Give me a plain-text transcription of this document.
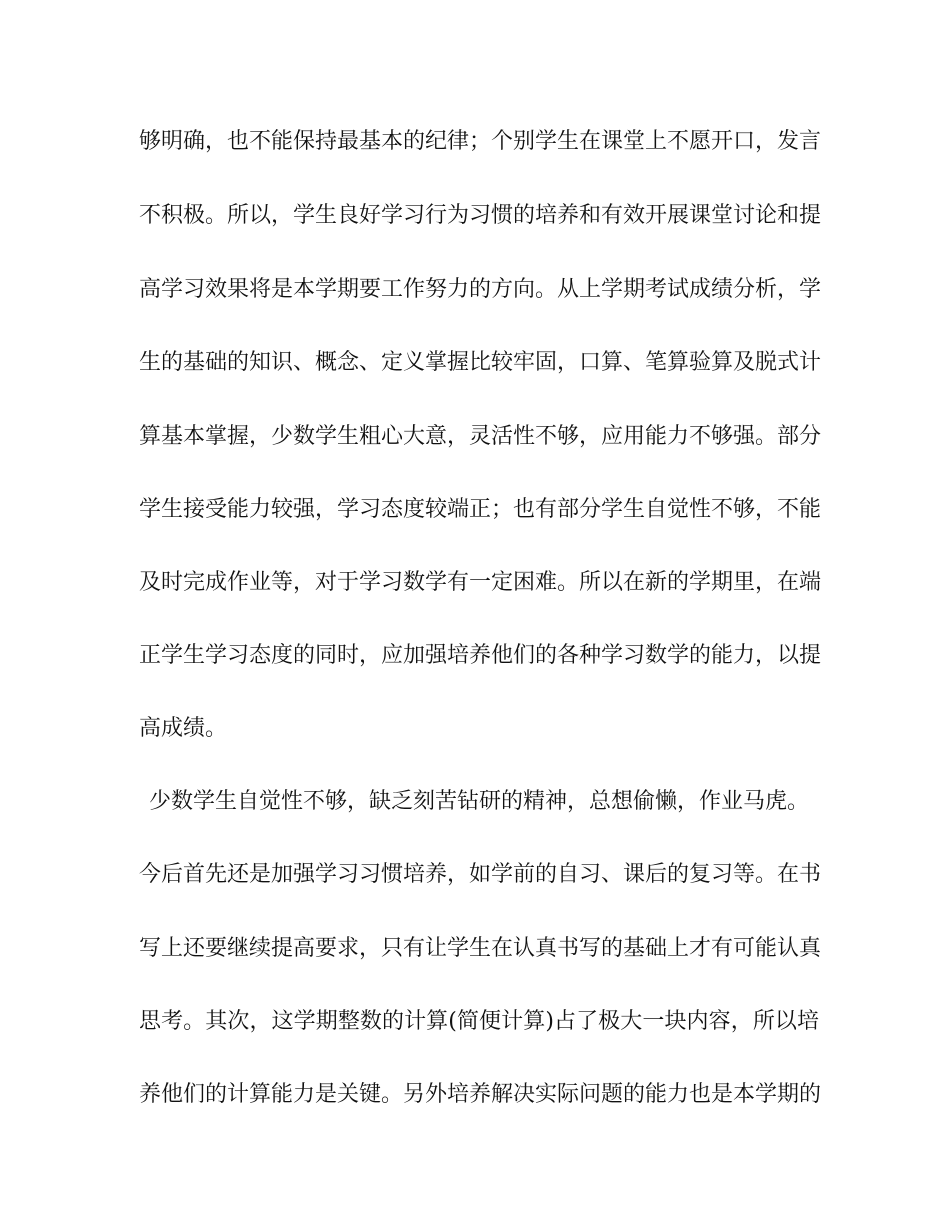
够明确，也不能保持最基本的纪律；个别学生在课堂上不愿开口，发言
不积极。所以，学生良好学习行为习惯的培养和有效开展课堂讨论和提
高学习效果将是本学期要工作努力的方向。从上学期考试成绩分析，学
生的基础的知识、概念、定义掌握比较牢固，口算、笔算验算及脱式计
算基本掌握，少数学生粗心大意，灵活性不够，应用能力不够强。部分
学生接受能力较强，学习态度较端正；也有部分学生自觉性不够，不能
及时完成作业等，对于学习数学有一定困难。所以在新的学期里，在端
正学生学习态度的同时，应加强培养他们的各种学习数学的能力，以提
高成绩。
少数学生自觉性不够，缺乏刻苦钻研的精神，总想偷懒，作业马虎。
今后首先还是加强学习习惯培养，如学前的自习、课后的复习等。在书
写上还要继续提高要求，只有让学生在认真书写的基础上才有可能认真
思考。其次，这学期整数的计算(简便计算)占了极大一块内容，所以培
养他们的计算能力是关键。另外培养解决实际问题的能力也是本学期的
